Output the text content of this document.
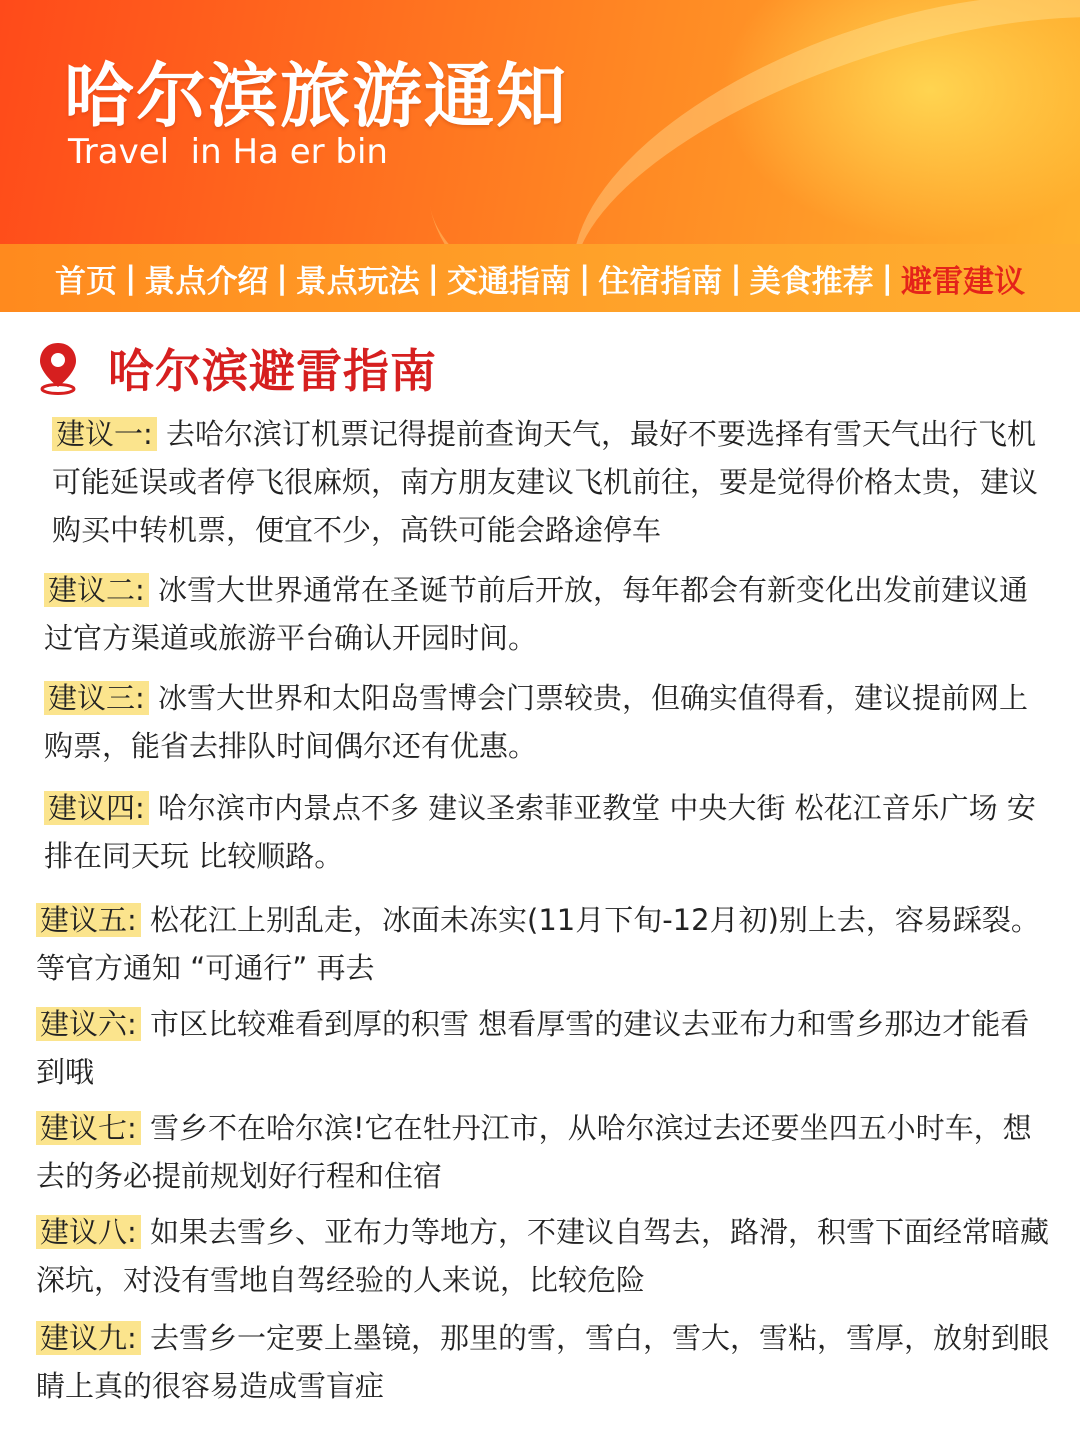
哈尔滨旅游通知
Travel  in Ha er bin
首页 | 景点介绍 | 景点玩法 | 交通指南 | 住宿指南 | 美食推荐 | 避雷建议
哈尔滨避雷指南
建议一: 去哈尔滨订机票记得提前查询天气，最好不要选择有雪天气出行飞机可能延误或者停飞很麻烦，南方朋友建议飞机前往，要是觉得价格太贵，建议购买中转机票，便宜不少，高铁可能会路途停车
建议二: 冰雪大世界通常在圣诞节前后开放，每年都会有新变化出发前建议通过官方渠道或旅游平台确认开园时间。
建议三: 冰雪大世界和太阳岛雪博会门票较贵，但确实值得看，建议提前网上购票，能省去排队时间偶尔还有优惠。
建议四: 哈尔滨市内景点不多 建议圣索菲亚教堂 中央大街 松花江音乐广场 安排在同天玩 比较顺路。
建议五: 松花江上别乱走，冰面未冻实(11月下旬-12月初)别上去，容易踩裂。等官方通知 “可通行” 再去
建议六: 市区比较难看到厚的积雪 想看厚雪的建议去亚布力和雪乡那边才能看到哦
建议七: 雪乡不在哈尔滨!它在牡丹江市，从哈尔滨过去还要坐四五小时车，想去的务必提前规划好行程和住宿
建议八: 如果去雪乡、亚布力等地方，不建议自驾去，路滑，积雪下面经常暗藏深坑，对没有雪地自驾经验的人来说，比较危险
建议九: 去雪乡一定要上墨镜，那里的雪，雪白，雪大，雪粘，雪厚，放射到眼睛上真的很容易造成雪盲症
